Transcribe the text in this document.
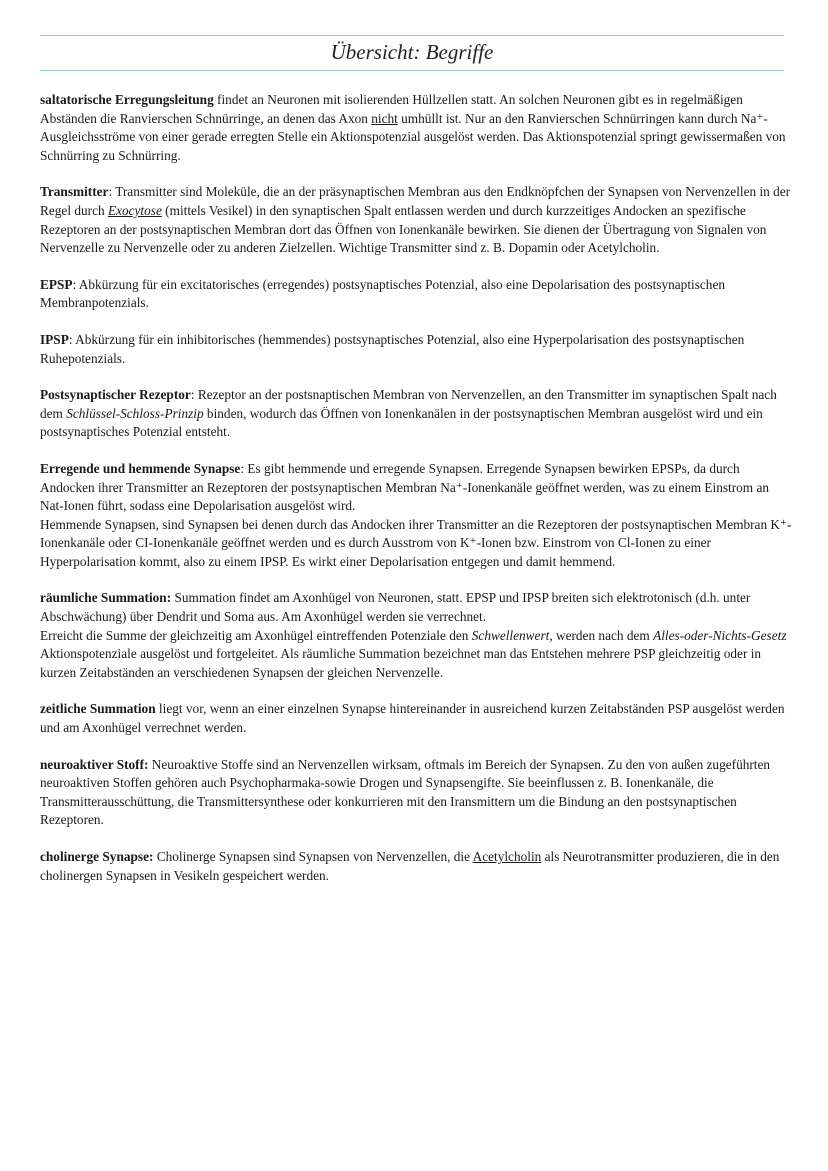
Übersicht: Begriffe

saltatorische Erregungsleitung findet an Neuronen mit isolierenden Hüllzellen statt. An solchen Neuronen gibt es in regelmäßigen Abständen die Ranvierschen Schnürringe, an denen das Axon nicht umhüllt ist. Nur an den Ranvierschen Schnürringen kann durch Na⁺-Ausgleichsströme von einer gerade erregten Stelle ein Aktionspotenzial ausgelöst werden. Das Aktionspotenzial springt gewissermaßen von Schnürring zu Schnürring.

Transmitter: Transmitter sind Moleküle, die an der präsynaptischen Membran aus den Endknöpfchen der Synapsen von Nervenzellen in der Regel durch Exocytose (mittels Vesikel) in den synaptischen Spalt entlassen werden und durch kurzzeitiges Andocken an spezifische Rezeptoren an der postsynaptischen Membran dort das Öffnen von Ionenkanäle bewirken. Sie dienen der Übertragung von Signalen von Nervenzelle zu Nervenzelle oder zu anderen Zielzellen. Wichtige Transmitter sind z. B. Dopamin oder Acetylcholin.

EPSP: Abkürzung für ein excitatorisches (erregendes) postsynaptisches Potenzial, also eine Depolarisation des postsynaptischen Membranpotenzials.

IPSP: Abkürzung für ein inhibitorisches (hemmendes) postsynaptisches Potenzial, also eine Hyperpolarisation des postsynaptischen Ruhepotenzials.

Postsynaptischer Rezeptor: Rezeptor an der postsnaptischen Membran von Nervenzellen, an den Transmitter im synaptischen Spalt nach dem Schlüssel-Schloss-Prinzip binden, wodurch das Öffnen von Ionenkanälen in der postsynaptischen Membran ausgelöst wird und ein postsynaptisches Potenzial entsteht.

Erregende und hemmende Synapse: Es gibt hemmende und erregende Synapsen. Erregende Synapsen bewirken EPSPs, da durch Andocken ihrer Transmitter an Rezeptoren der postsynaptischen Membran Na⁺-Ionenkanäle geöffnet werden, was zu einem Einstrom an Nat-Ionen führt, sodass eine Depolarisation ausgelöst wird.

Hemmende Synapsen, sind Synapsen bei denen durch das Andocken ihrer Transmitter an die Rezeptoren der postsynaptischen Membran K⁺-Ionenkanäle oder CI-Ionenkanäle geöffnet werden und es durch Ausstrom von K⁺-Ionen bzw. Einstrom von Cl-Ionen zu einer Hyperpolarisation kommt, also zu einem IPSP. Es wirkt einer Depolarisation entgegen und damit hemmend.

räumliche Summation: Summation findet am Axonhügel von Neuronen, statt. EPSP und IPSP breiten sich elektrotonisch (d.h. unter Abschwächung) über Dendrit und Soma aus. Am Axonhügel werden sie verrechnet.

Erreicht die Summe der gleichzeitig am Axonhügel eintreffenden Potenziale den Schwellenwert, werden nach dem Alles-oder-Nichts-Gesetz Aktionspotenziale ausgelöst und fortgeleitet. Als räumliche Summation bezeichnet man das Entstehen mehrere PSP gleichzeitig oder in kurzen Zeitabständen an verschiedenen Synapsen der gleichen Nervenzelle.

zeitliche Summation liegt vor, wenn an einer einzelnen Synapse hintereinander in ausreichend kurzen Zeitabständen PSP ausgelöst werden und am Axonhügel verrechnet werden.

neuroaktiver Stoff: Neuroaktive Stoffe sind an Nervenzellen wirksam, oftmals im Bereich der Synapsen. Zu den von außen zugeführten neuroaktiven Stoffen gehören auch Psychopharmaka-sowie Drogen und Synapsengifte. Sie beeinflussen z. B. Ionenkanäle, die Transmitterausschüttung, die Transmittersynthese oder konkurrieren mit den Iransmittern um die Bindung an den postsynaptischen Rezeptoren.

cholinerge Synapse: Cholinerge Synapsen sind Synapsen von Nervenzellen, die Acetylcholin als Neurotransmitter produzieren, die in den cholinergen Synapsen in Vesikeln gespeichert werden.
